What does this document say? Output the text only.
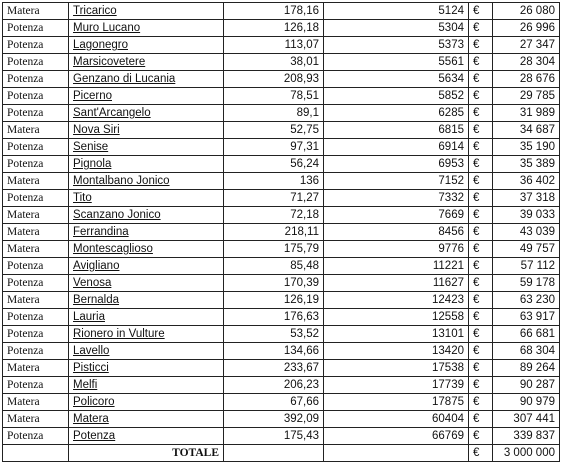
Matera	Tricarico	178,16	5124	€	26 080
Potenza	Muro Lucano	126,18	5304	€	26 996
Potenza	Lagonegro	113,07	5373	€	27 347
Potenza	Marsicovetere	38,01	5561	€	28 304
Potenza	Genzano di Lucania	208,93	5634	€	28 676
Potenza	Picerno	78,51	5852	€	29 785
Potenza	Sant'Arcangelo	89,1	6285	€	31 989
Matera	Nova Siri	52,75	6815	€	34 687
Potenza	Senise	97,31	6914	€	35 190
Potenza	Pignola	56,24	6953	€	35 389
Matera	Montalbano Jonico	136	7152	€	36 402
Potenza	Tito	71,27	7332	€	37 318
Matera	Scanzano Jonico	72,18	7669	€	39 033
Matera	Ferrandina	218,11	8456	€	43 039
Matera	Montescaglioso	175,79	9776	€	49 757
Potenza	Avigliano	85,48	11221	€	57 112
Potenza	Venosa	170,39	11627	€	59 178
Matera	Bernalda	126,19	12423	€	63 230
Potenza	Lauria	176,63	12558	€	63 917
Potenza	Rionero in Vulture	53,52	13101	€	66 681
Potenza	Lavello	134,66	13420	€	68 304
Matera	Pisticci	233,67	17538	€	89 264
Potenza	Melfi	206,23	17739	€	90 287
Matera	Policoro	67,66	17875	€	90 979
Matera	Matera	392,09	60404	€	307 441
Potenza	Potenza	175,43	66769	€	339 837
	TOTALE			€	3 000 000
